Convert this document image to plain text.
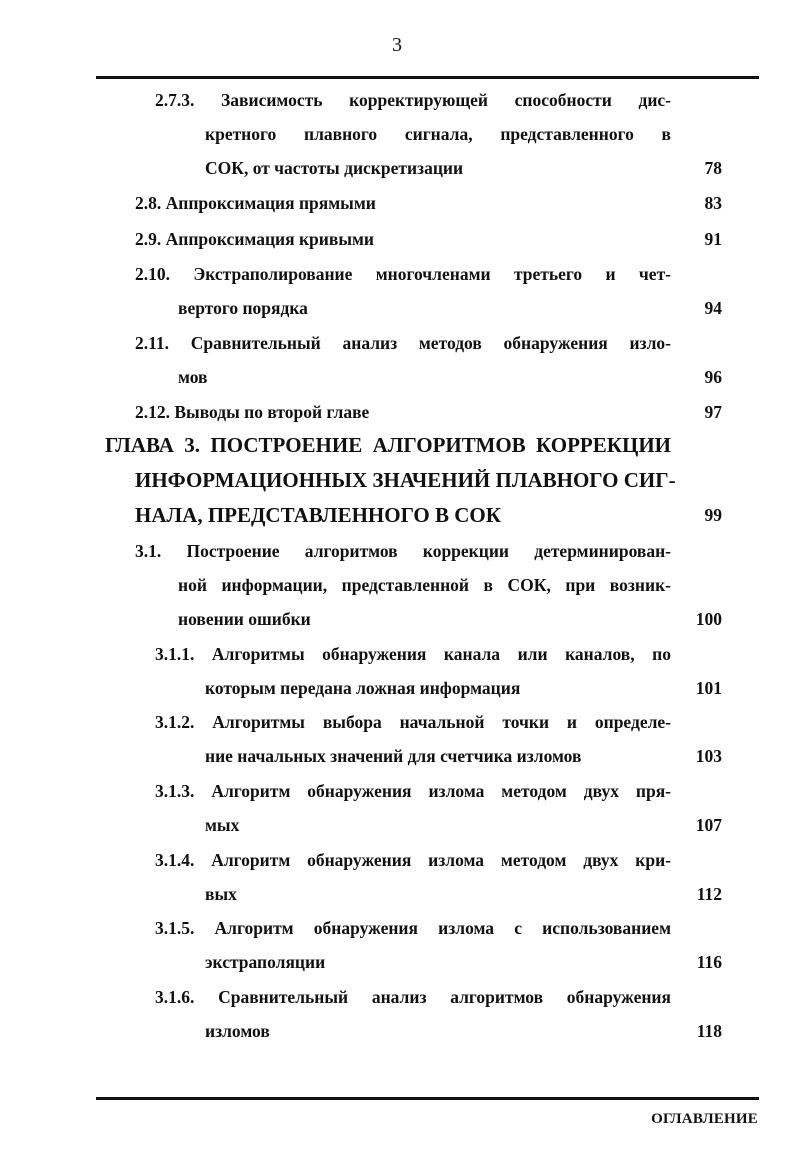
3
2.7.3. Зависимость корректирующей способности дис-
кретного плавного сигнала, представленного в
СОК, от частоты дискретизации	78
2.8. Аппроксимация прямыми	83
2.9. Аппроксимация кривыми	91
2.10. Экстраполирование многочленами третьего и чет-
вертого порядка	94
2.11. Сравнительный анализ методов обнаружения изло-
мов	96
2.12. Выводы по второй главе	97
ГЛАВА 3. ПОСТРОЕНИЕ АЛГОРИТМОВ КОРРЕКЦИИ
ИНФОРМАЦИОННЫХ ЗНАЧЕНИЙ ПЛАВНОГО СИГ-
НАЛА, ПРЕДСТАВЛЕННОГО В СОК	99
3.1. Построение алгоритмов коррекции детерминирован-
ной информации, представленной в СОК, при возник-
новении ошибки	100
3.1.1. Алгоритмы обнаружения канала или каналов, по
которым передана ложная информация	101
3.1.2. Алгоритмы выбора начальной точки и определе-
ние начальных значений для счетчика изломов	103
3.1.3. Алгоритм обнаружения излома методом двух пря-
мых	107
3.1.4. Алгоритм обнаружения излома методом двух кри-
вых	112
3.1.5. Алгоритм обнаружения излома с использованием
экстраполяции	116
3.1.6. Сравнительный анализ алгоритмов обнаружения
изломов	118
ОГЛАВЛЕНИЕ
